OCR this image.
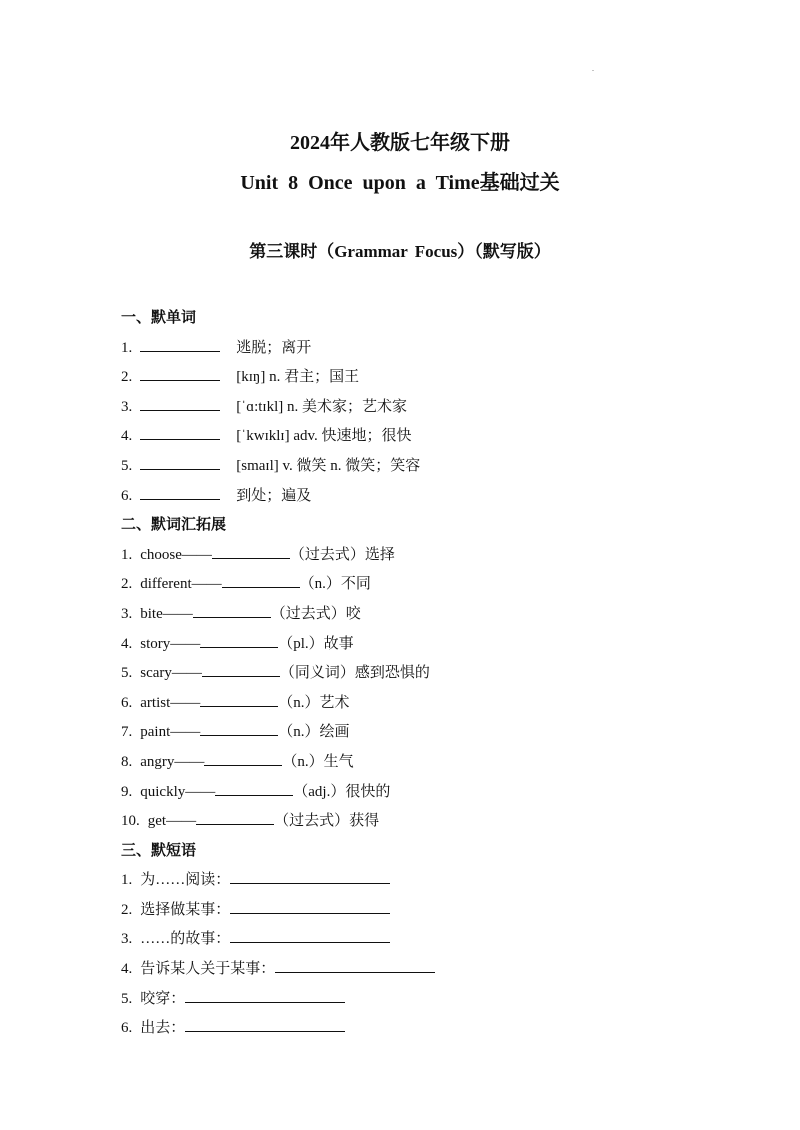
.
2024年人教版七年级下册
Unit 8 Once upon a Time基础过关
第三课时（Grammar Focus）（默写版）
一、默单词
1.	逃脱；离开
2.	[kɪŋ] n. 君主；国王
3.	[ˈɑ:tɪkl] n. 美术家；艺术家
4.	[ˈkwɪklɪ] adv. 快速地；很快
5.	[smaɪl] v. 微笑 n. 微笑；笑容
6.	到处；遍及
二、默词汇拓展
1. choose——	（过去式）选择
2. different——	（n.）不同
3. bite——	（过去式）咬
4. story——	（pl.）故事
5. scary——	（同义词）感到恐惧的
6. artist——	（n.）艺术
7. paint——	（n.）绘画
8. angry——	（n.）生气
9. quickly——	（adj.）很快的
10. get——	（过去式）获得
三、默短语
1. 为……阅读：
2. 选择做某事：
3. ……的故事：
4. 告诉某人关于某事：
5. 咬穿：
6. 出去：
